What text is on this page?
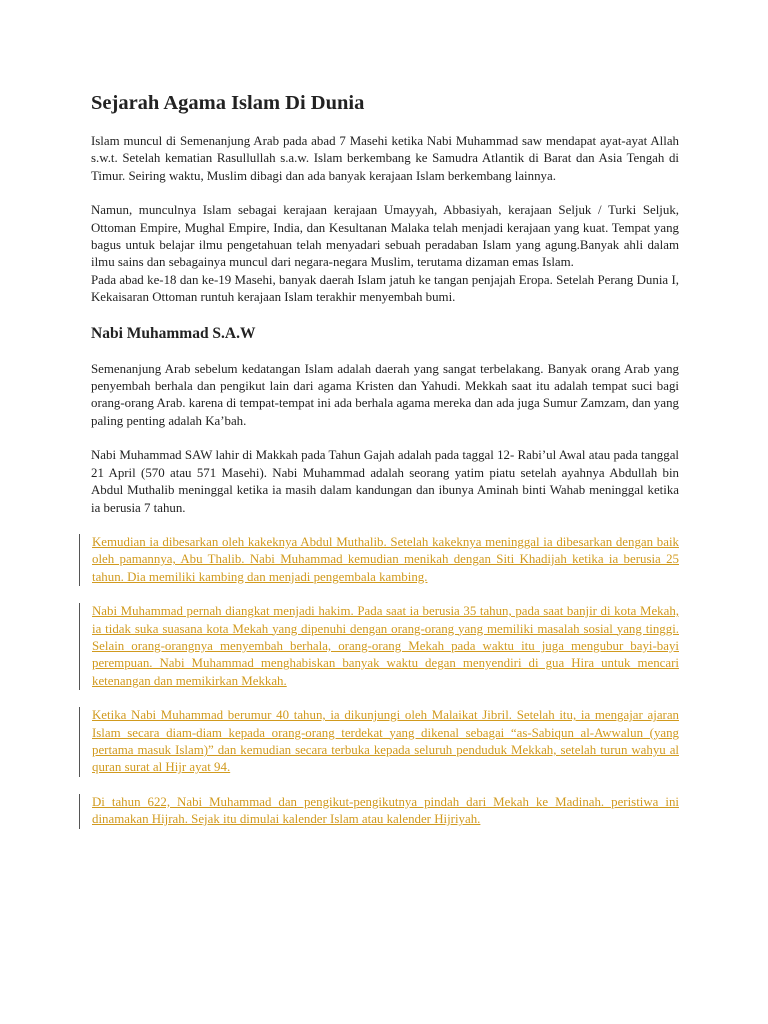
Sejarah Agama Islam Di Dunia

Islam muncul di Semenanjung Arab pada abad 7 Masehi ketika Nabi Muhammad saw mendapat ayat-ayat Allah s.w.t. Setelah kematian Rasullullah s.a.w. Islam berkembang ke Samudra Atlantik di Barat dan Asia Tengah di Timur. Seiring waktu, Muslim dibagi dan ada banyak kerajaan Islam berkembang lainnya.

Namun, munculnya Islam sebagai kerajaan kerajaan Umayyah, Abbasiyah, kerajaan Seljuk / Turki Seljuk, Ottoman Empire, Mughal Empire, India, dan Kesultanan Malaka telah menjadi kerajaan yang kuat. Tempat yang bagus untuk belajar ilmu pengetahuan telah menyadari sebuah peradaban Islam yang agung.Banyak ahli dalam ilmu sains dan sebagainya muncul dari negara-negara Muslim, terutama dizaman emas Islam.

Pada abad ke-18 dan ke-19 Masehi, banyak daerah Islam jatuh ke tangan penjajah Eropa. Setelah Perang Dunia I, Kekaisaran Ottoman runtuh kerajaan Islam terakhir menyembah bumi.

Nabi Muhammad S.A.W

Semenanjung Arab sebelum kedatangan Islam adalah daerah yang sangat terbelakang. Banyak orang Arab yang penyembah berhala dan pengikut lain dari agama Kristen dan Yahudi. Mekkah saat itu adalah tempat suci bagi orang-orang Arab. karena di tempat-tempat ini ada berhala agama mereka dan ada juga Sumur Zamzam, dan yang paling penting adalah Ka’bah.

Nabi Muhammad SAW lahir di Makkah pada Tahun Gajah adalah pada taggal 12- Rabi’ul Awal atau pada tanggal 21 April (570 atau 571 Masehi). Nabi Muhammad adalah seorang yatim piatu setelah ayahnya Abdullah bin Abdul Muthalib meninggal ketika ia masih dalam kandungan dan ibunya Aminah binti Wahab meninggal ketika ia berusia 7 tahun.

Kemudian ia dibesarkan oleh kakeknya Abdul Muthalib. Setelah kakeknya meninggal ia dibesarkan dengan baik oleh pamannya, Abu Thalib. Nabi Muhammad kemudian menikah dengan Siti Khadijah ketika ia berusia 25 tahun. Dia memiliki kambing dan menjadi pengembala kambing.

Nabi Muhammad pernah diangkat menjadi hakim. Pada saat ia berusia 35 tahun, pada saat banjir di kota Mekah, ia tidak suka suasana kota Mekah yang dipenuhi dengan orang-orang yang memiliki masalah sosial yang tinggi. Selain orang-orangnya menyembah berhala, orang-orang Mekah pada waktu itu juga mengubur bayi-bayi perempuan. Nabi Muhammad menghabiskan banyak waktu degan menyendiri di gua Hira untuk mencari ketenangan dan memikirkan Mekkah.

Ketika Nabi Muhammad berumur 40 tahun, ia dikunjungi oleh Malaikat Jibril. Setelah itu, ia mengajar ajaran Islam secara diam-diam kepada orang-orang terdekat yang dikenal sebagai “as-Sabiqun al-Awwalun (yang pertama masuk Islam)” dan kemudian secara terbuka kepada seluruh penduduk Mekkah, setelah turun wahyu al quran surat al Hijr ayat 94.

Di tahun 622, Nabi Muhammad dan pengikut-pengikutnya pindah dari Mekah ke Madinah. peristiwa ini dinamakan Hijrah. Sejak itu dimulai kalender Islam atau kalender Hijriyah.
